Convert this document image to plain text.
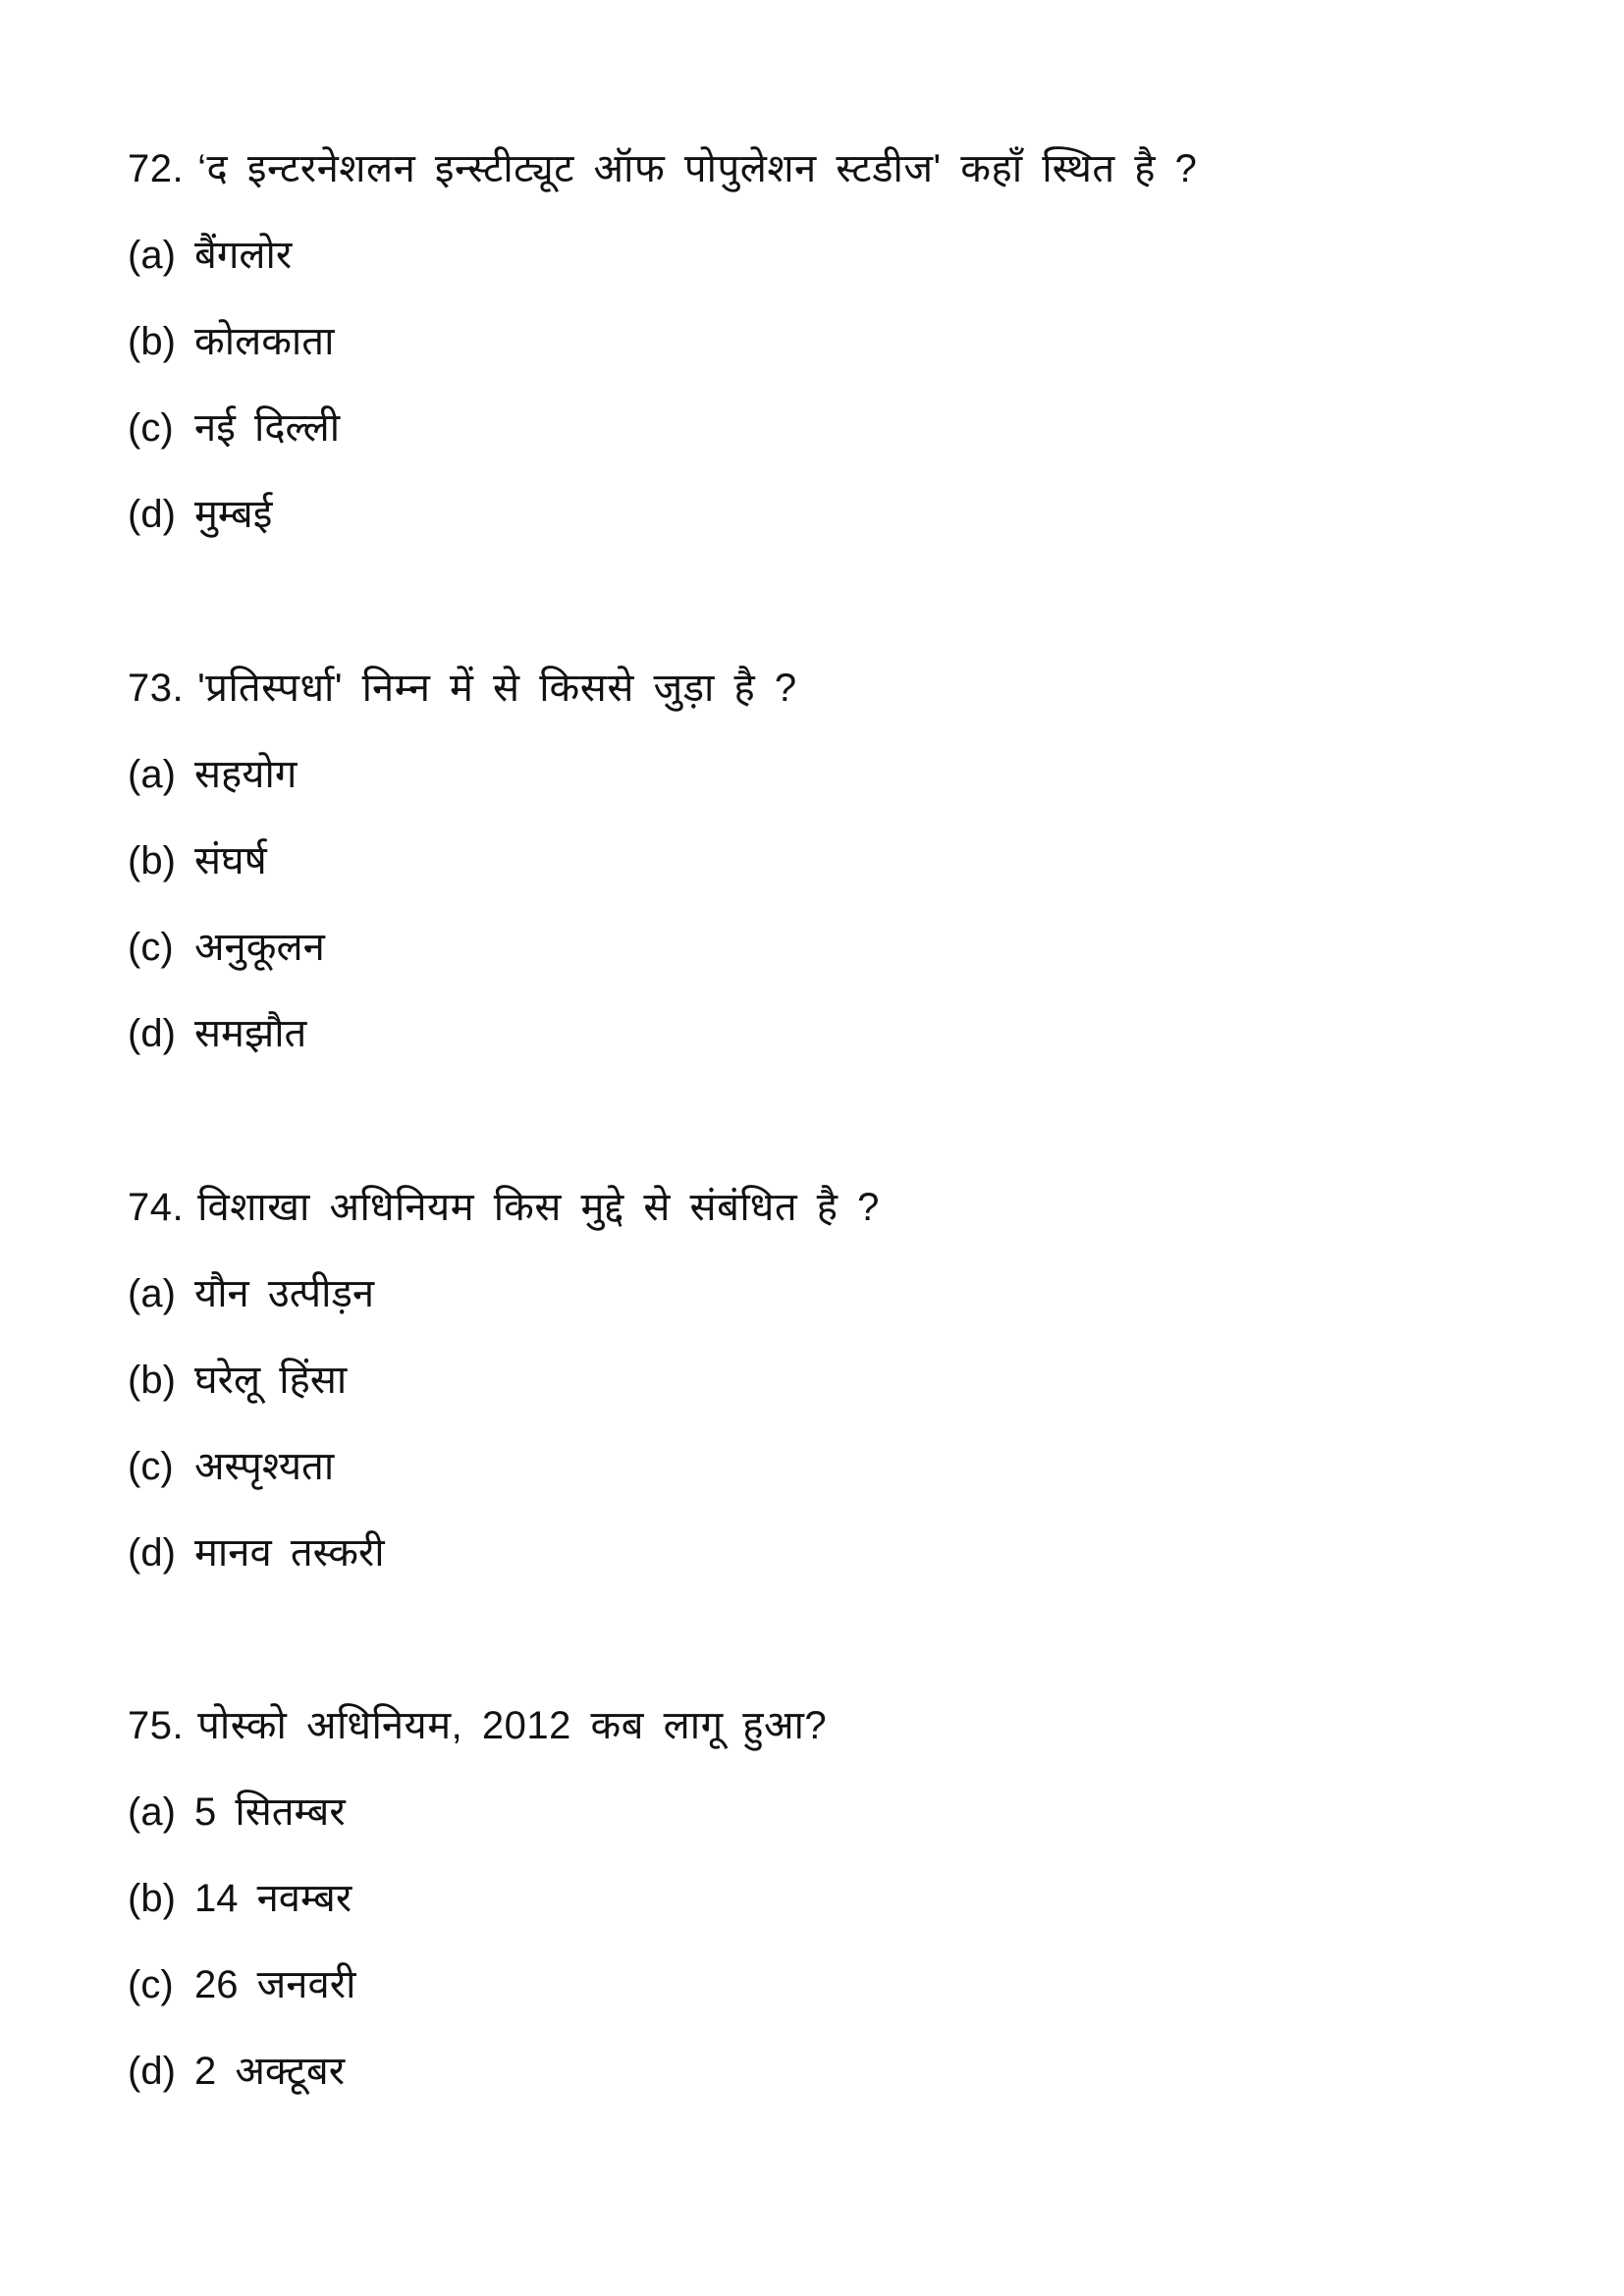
72. ‘द इन्टरनेशलन इन्स्टीट्यूट ऑफ पोपुलेशन स्टडीज' कहाँ स्थित है ?
(a) बैंगलोर
(b) कोलकाता
(c) नई दिल्ली
(d) मुम्बई
73. 'प्रतिस्पर्धा' निम्न में से किससे जुड़ा है ?
(a) सहयोग
(b) संघर्ष
(c) अनुकूलन
(d) समझौत
74. विशाखा अधिनियम किस मुद्दे से संबंधित है ?
(a) यौन उत्पीड़न
(b) घरेलू हिंसा
(c) अस्पृश्यता
(d) मानव तस्करी
75. पोस्को अधिनियम, 2012 कब लागू हुआ?
(a) 5 सितम्बर
(b) 14 नवम्बर
(c) 26 जनवरी
(d) 2 अक्टूबर
